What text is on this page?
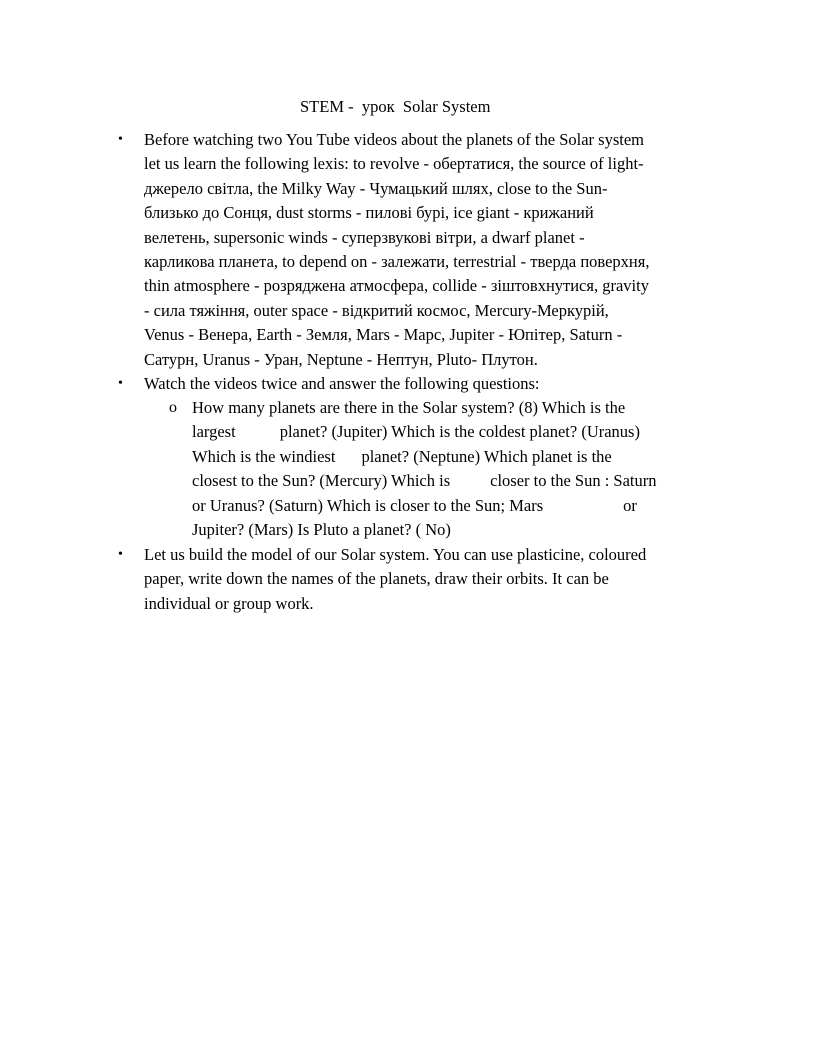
STEM -  урок  Solar System
• Before watching two You Tube videos about the planets of the Solar system
let us learn the following lexis: to revolve - обертатися, the source of light-
джерело світла, the Milky Way - Чумацький шлях, close to the Sun-
близько до Сонця, dust storms - пилові бурі, ice giant - крижаний
велетень, supersonic winds - суперзвукові вітри, a dwarf planet -
карликова планета, to depend on - залежати, terrestrial - тверда поверхня,
thin atmosphere - розряджена атмосфера, collide - зіштовхнутися, gravity
- сила тяжіння, outer space - відкритий космос, Mercury-Меркурій,
Venus - Венера, Earth - Земля, Mars - Марс, Jupiter - Юпітер, Saturn -
Сатурн, Uranus - Уран, Neptune - Нептун, Pluto- Плутон.
• Watch the videos twice and answer the following questions:
o How many planets are there in the Solar system? (8) Which is the
largest	planet? (Jupiter) Which is the coldest planet? (Uranus)
Which is the windiest planet? (Neptune) Which planet is the
closest to the Sun? (Mercury) Which is closer to the Sun : Saturn
or Uranus? (Saturn) Which is closer to the Sun; Mars	or
Jupiter? (Mars) Is Pluto a planet? ( No)
• Let us build the model of our Solar system. You can use plasticine, coloured
paper, write down the names of the planets, draw their orbits. It can be
individual or group work.
